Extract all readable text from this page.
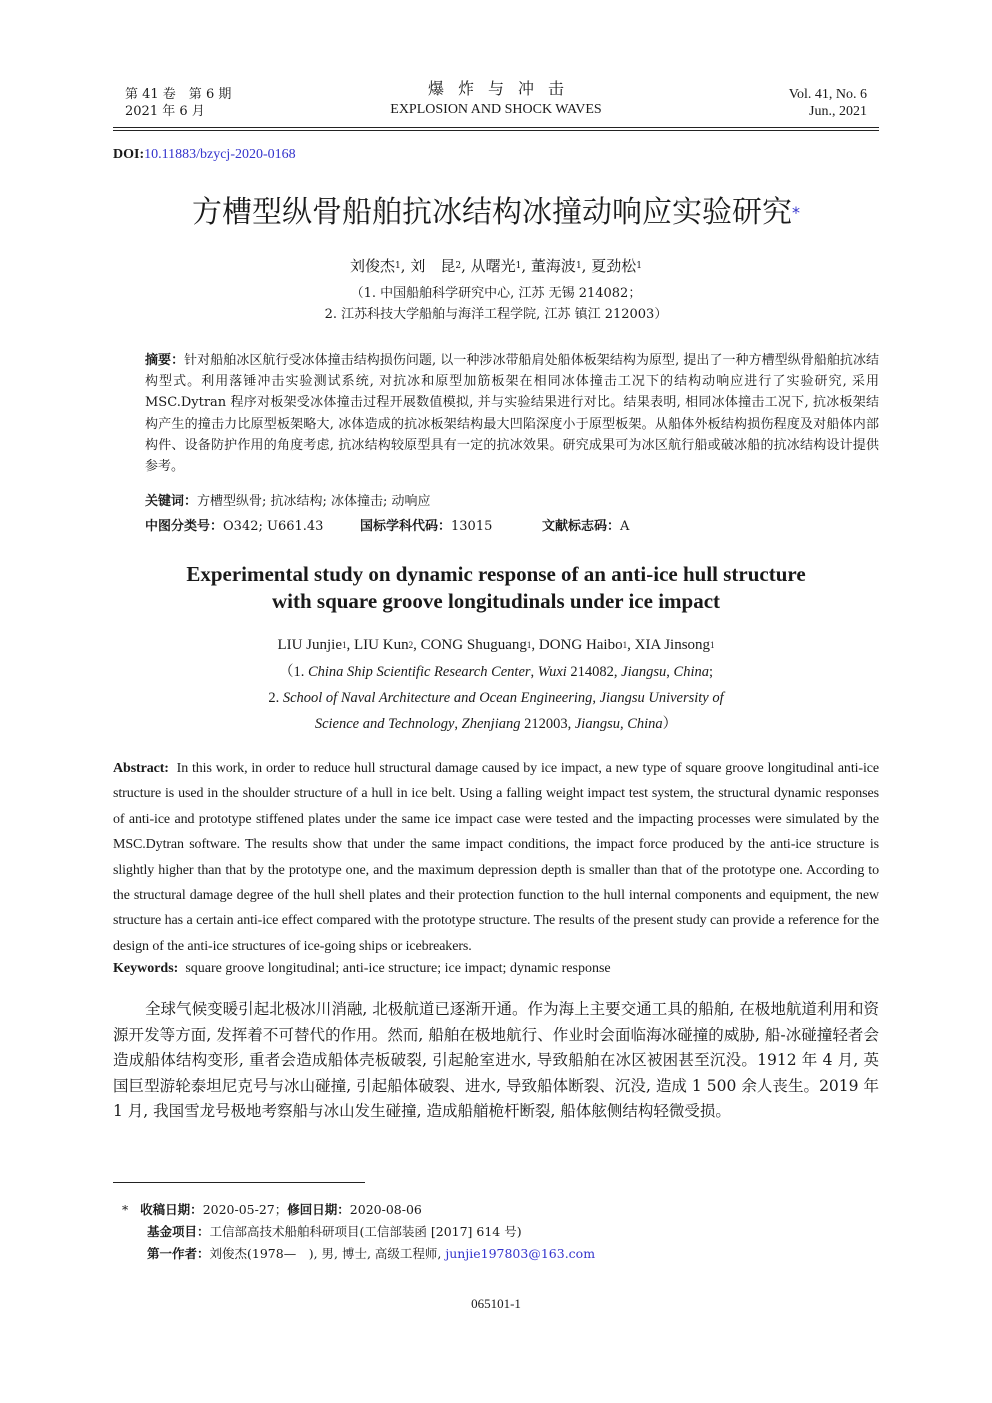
第 41 卷　第 6 期
2021 年 6 月
爆炸与冲击
EXPLOSION AND SHOCK WAVES
Vol. 41, No. 6
Jun., 2021
DOI:10.11883/bzycj-2020-0168
方槽型纵骨船舶抗冰结构冰撞动响应实验研究*
刘俊杰$^1$, 刘　昆$^2$, 从曙光$^1$, 董海波$^1$, 夏劲松$^1$
（1. 中国船舶科学研究中心, 江苏 无锡 214082；
2. 江苏科技大学船舶与海洋工程学院, 江苏 镇江 212003）
摘要：针对船舶冰区航行受冰体撞击结构损伤问题, 以一种涉冰带船肩处船体板架结构为原型, 提出了一种方槽型纵骨船舶抗冰结构型式。利用落锤冲击实验测试系统, 对抗冰和原型加筋板架在相同冰体撞击工况下的结构动响应进行了实验研究, 采用MSC.Dytran 程序对板架受冰体撞击过程开展数值模拟, 并与实验结果进行对比。结果表明, 相同冰体撞击工况下, 抗冰板架结构产生的撞击力比原型板架略大, 冰体造成的抗冰板架结构最大凹陷深度小于原型板架。从船体外板结构损伤程度及对船体内部构件、设备防护作用的角度考虑, 抗冰结构较原型具有一定的抗冰效果。研究成果可为冰区航行船或破冰船的抗冰结构设计提供参考。
关键词：方槽型纵骨; 抗冰结构; 冰体撞击; 动响应
中图分类号：O342; U661.43	国标学科代码：13015	文献标志码：A
Experimental study on dynamic response of an anti-ice hull structure
with square groove longitudinals under ice impact
LIU Junjie$^1$, LIU Kun$^2$, CONG Shuguang$^1$, DONG Haibo$^1$, XIA Jinsong$^1$
（1. China Ship Scientific Research Center, Wuxi 214082, Jiangsu, China;
2. School of Naval Architecture and Ocean Engineering, Jiangsu University of
Science and Technology, Zhenjiang 212003, Jiangsu, China）
Abstract: In this work, in order to reduce hull structural damage caused by ice impact, a new type of square groove longitudinal anti-ice structure is used in the shoulder structure of a hull in ice belt. Using a falling weight impact test system, the structural dynamic responses of anti-ice and prototype stiffened plates under the same ice impact case were tested and the impacting processes were simulated by the MSC.Dytran software. The results show that under the same impact conditions, the impact force produced by the anti-ice structure is slightly higher than that by the prototype one, and the maximum depression depth is smaller than that of the prototype one. According to the structural damage degree of the hull shell plates and their protection function to the hull internal components and equipment, the new structure has a certain anti-ice effect compared with the prototype structure. The results of the present study can provide a reference for the design of the anti-ice structures of ice-going ships or icebreakers.
Keywords: square groove longitudinal; anti-ice structure; ice impact; dynamic response
全球气候变暖引起北极冰川消融, 北极航道已逐渐开通。作为海上主要交通工具的船舶, 在极地航道利用和资源开发等方面, 发挥着不可替代的作用。然而, 船舶在极地航行、作业时会面临海冰碰撞的威胁, 船-冰碰撞轻者会造成船体结构变形, 重者会造成船体壳板破裂, 引起舱室进水, 导致船舶在冰区被困甚至沉没。1912 年 4 月, 英国巨型游轮泰坦尼克号与冰山碰撞, 引起船体破裂、进水, 导致船体断裂、沉没, 造成 1 500 余人丧生。2019 年 1 月, 我国雪龙号极地考察船与冰山发生碰撞, 造成船艏桅杆断裂, 船体舷侧结构轻微受损。
* 收稿日期：2020-05-27；修回日期：2020-08-06
基金项目：工信部高技术船舶科研项目(工信部装函 [2017] 614 号)
第一作者：刘俊杰(1978—　), 男, 博士, 高级工程师, junjie197803@163.com
065101-1
